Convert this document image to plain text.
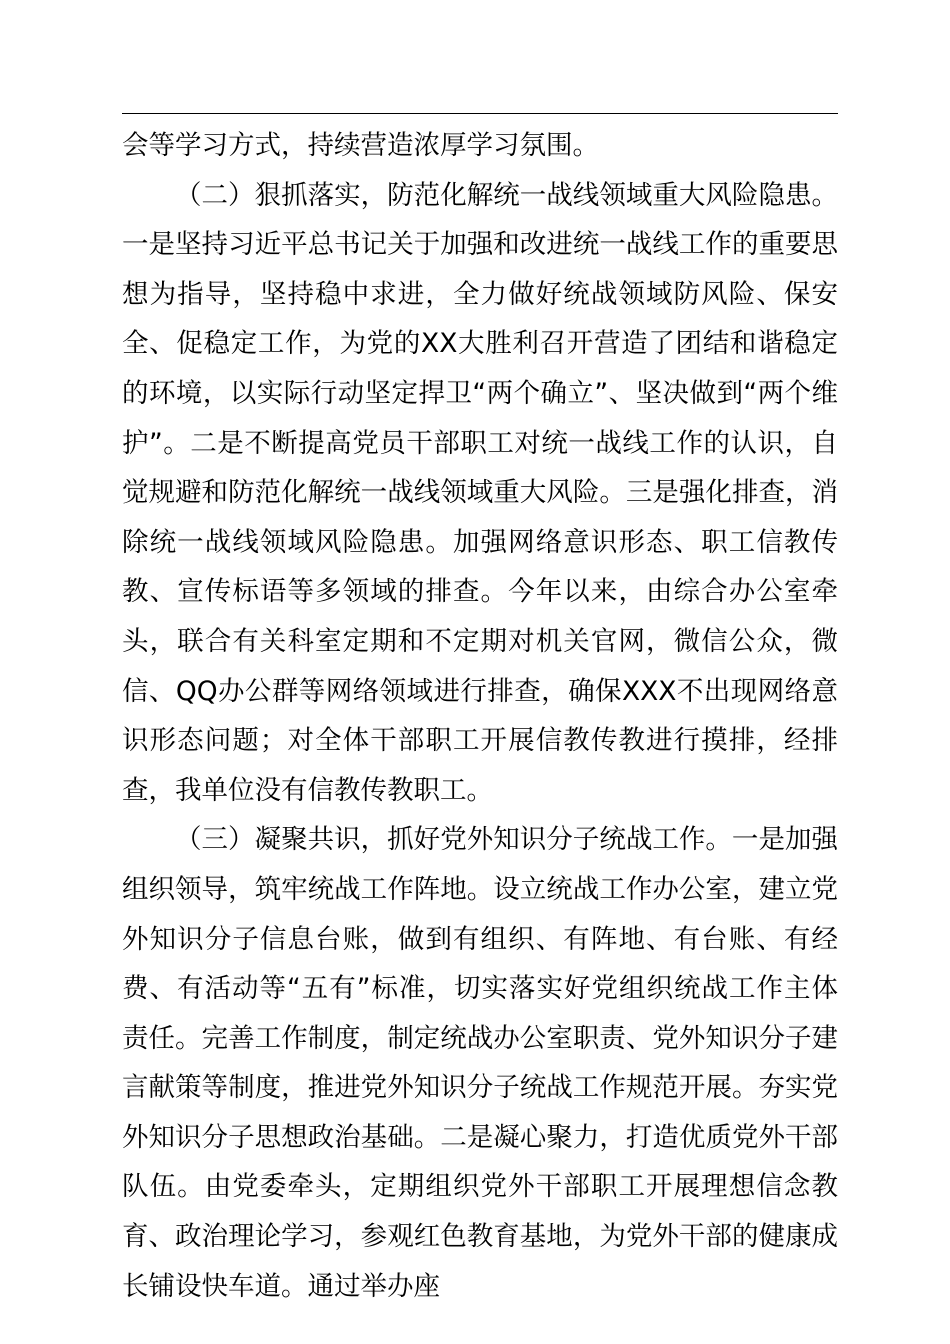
会等学习方式，持续营造浓厚学习氛围。

（二）狠抓落实，防范化解统一战线领域重大风险隐患。一是坚持习近平总书记关于加强和改进统一战线工作的重要思想为指导，坚持稳中求进，全力做好统战领域防风险、保安全、促稳定工作，为党的XX大胜利召开营造了团结和谐稳定的环境，以实际行动坚定捍卫“两个确立”、坚决做到“两个维护”。二是不断提高党员干部职工对统一战线工作的认识，自觉规避和防范化解统一战线领域重大风险。三是强化排查，消除统一战线领域风险隐患。加强网络意识形态、职工信教传教、宣传标语等多领域的排查。今年以来，由综合办公室牵头，联合有关科室定期和不定期对机关官网，微信公众，微信、QQ办公群等网络领域进行排查，确保XXX不出现网络意识形态问题；对全体干部职工开展信教传教进行摸排，经排查，我单位没有信教传教职工。

（三）凝聚共识，抓好党外知识分子统战工作。一是加强组织领导，筑牢统战工作阵地。设立统战工作办公室，建立党外知识分子信息台账，做到有组织、有阵地、有台账、有经费、有活动等“五有”标准，切实落实好党组织统战工作主体责任。完善工作制度，制定统战办公室职责、党外知识分子建言献策等制度，推进党外知识分子统战工作规范开展。夯实党外知识分子思想政治基础。二是凝心聚力，打造优质党外干部队伍。由党委牵头，定期组织党外干部职工开展理想信念教育、政治理论学习，参观红色教育基地，为党外干部的健康成长铺设快车道。通过举办座
